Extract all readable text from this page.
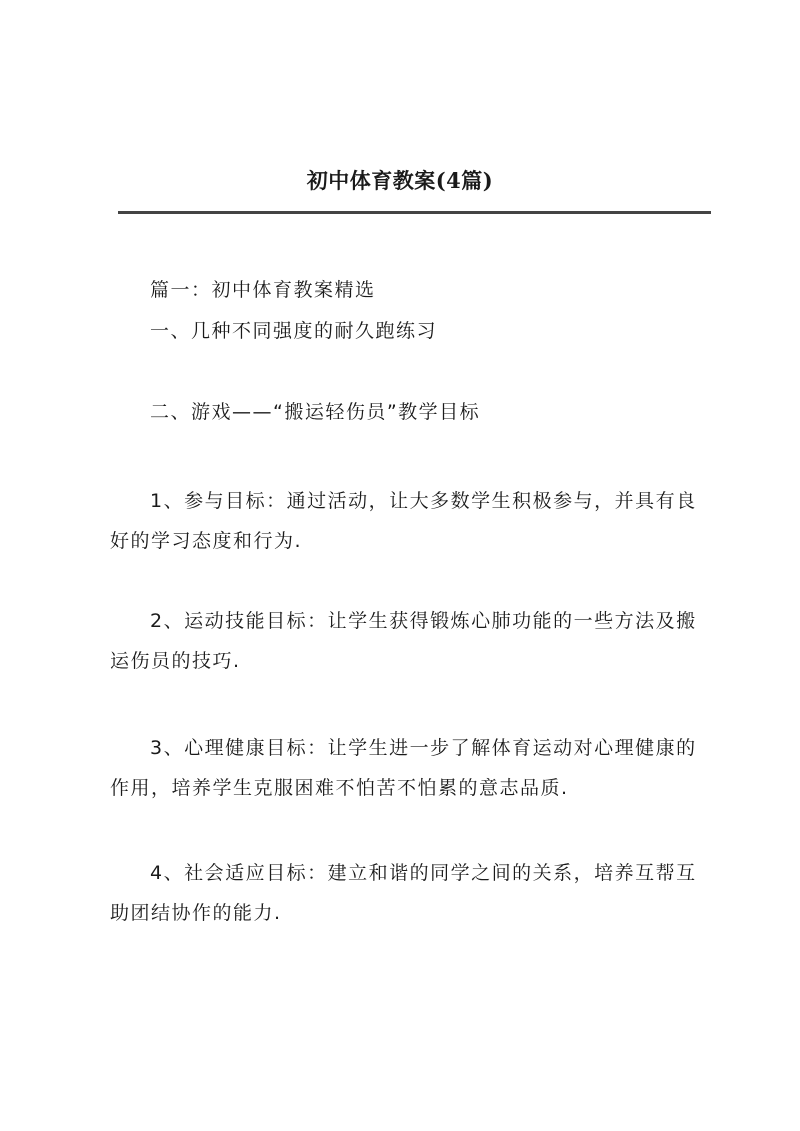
初中体育教案(4篇)

篇一：初中体育教案精选

一、几种不同强度的耐久跑练习

二、游戏——“搬运轻伤员”教学目标

1、参与目标：通过活动，让大多数学生积极参与，并具有良好的学习态度和行为.

2、运动技能目标：让学生获得锻炼心肺功能的一些方法及搬运伤员的技巧.

3、心理健康目标：让学生进一步了解体育运动对心理健康的作用，培养学生克服困难不怕苦不怕累的意志品质.

4、社会适应目标：建立和谐的同学之间的关系，培养互帮互助团结协作的能力.
